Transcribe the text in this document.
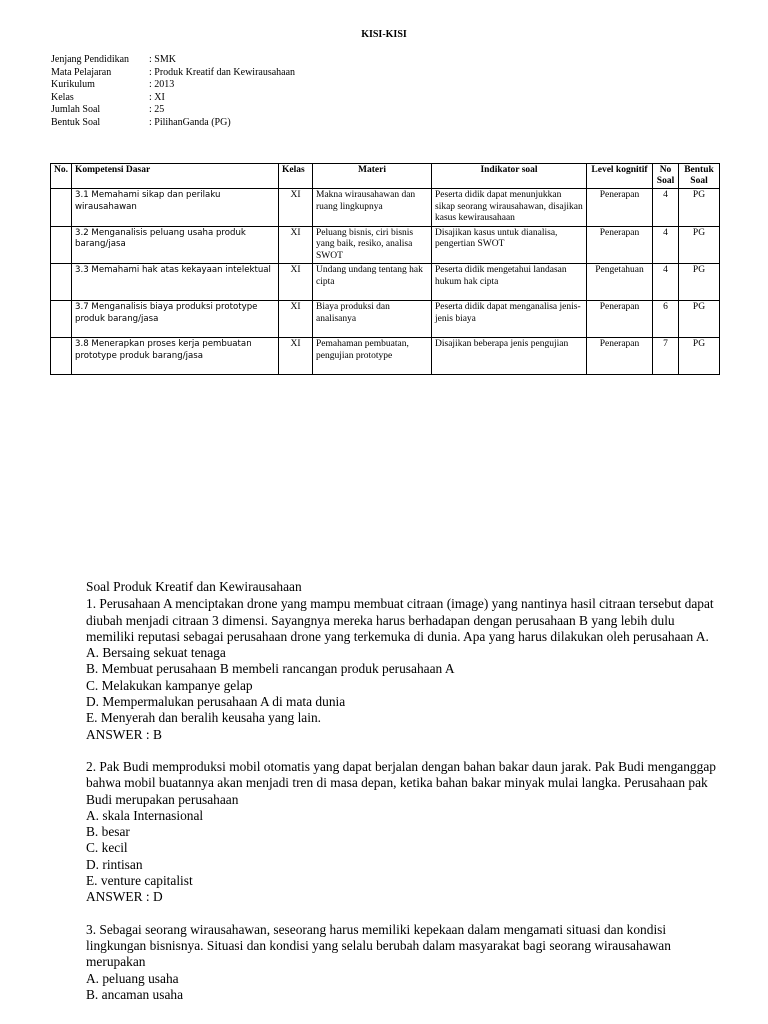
KISI-KISI
Jenjang Pendidikan	: SMK
Mata Pelajaran	: Produk Kreatif dan Kewirausahaan
Kurikulum	: 2013
Kelas	: XI
Jumlah Soal	: 25
Bentuk Soal	: PilihanGanda (PG)
No.	Kompetensi Dasar	Kelas	Materi	Indikator soal	Level kognitif	No Soal	Bentuk Soal
	3.1 Memahami sikap dan perilaku wirausahawan	XI	Makna wirausahawan dan ruang lingkupnya	Peserta didik dapat menunjukkan sikap seorang wirausahawan, disajikan kasus kewirausahaan	Penerapan	4	PG
	3.2 Menganalisis peluang usaha produk barang/jasa	XI	Peluang bisnis, ciri bisnis yang baik, resiko, analisa SWOT	Disajikan kasus untuk dianalisa, pengertian SWOT	Penerapan	4	PG
	3.3 Memahami hak atas kekayaan intelektual	XI	Undang undang tentang hak cipta	Peserta didik mengetahui landasan hukum hak cipta	Pengetahuan	4	PG
	3.7 Menganalisis biaya produksi prototype produk barang/jasa	XI	Biaya produksi dan analisanya	Peserta didik dapat menganalisa jenis-jenis biaya	Penerapan	6	PG
	3.8 Menerapkan proses kerja pembuatan prototype produk barang/jasa	XI	Pemahaman pembuatan, pengujian prototype	Disajikan beberapa jenis pengujian	Penerapan	7	PG

Soal Produk Kreatif dan Kewirausahaan

1. Perusahaan A menciptakan drone yang mampu membuat citraan (image) yang nantinya hasil citraan tersebut dapat diubah menjadi citraan 3 dimensi. Sayangnya mereka harus berhadapan dengan perusahaan B yang lebih dulu memiliki reputasi sebagai perusahaan drone yang terkemuka di dunia. Apa yang harus dilakukan oleh perusahaan A.

A. Bersaing sekuat tenaga

B. Membuat perusahaan B membeli rancangan produk perusahaan A

C. Melakukan kampanye gelap

D. Mempermalukan perusahaan A di mata dunia

E. Menyerah dan beralih keusaha yang lain.

ANSWER : B

2. Pak Budi memproduksi mobil otomatis yang dapat berjalan dengan bahan bakar daun jarak. Pak Budi menganggap bahwa mobil buatannya akan menjadi tren di masa depan, ketika bahan bakar minyak mulai langka. Perusahaan pak Budi merupakan perusahaan

A. skala Internasional

B. besar

C. kecil

D. rintisan

E. venture capitalist

ANSWER : D

3. Sebagai seorang wirausahawan, seseorang harus memiliki kepekaan dalam mengamati situasi dan kondisi lingkungan bisnisnya. Situasi dan kondisi yang selalu berubah dalam masyarakat bagi seorang wirausahawan merupakan

A. peluang usaha

B. ancaman usaha
